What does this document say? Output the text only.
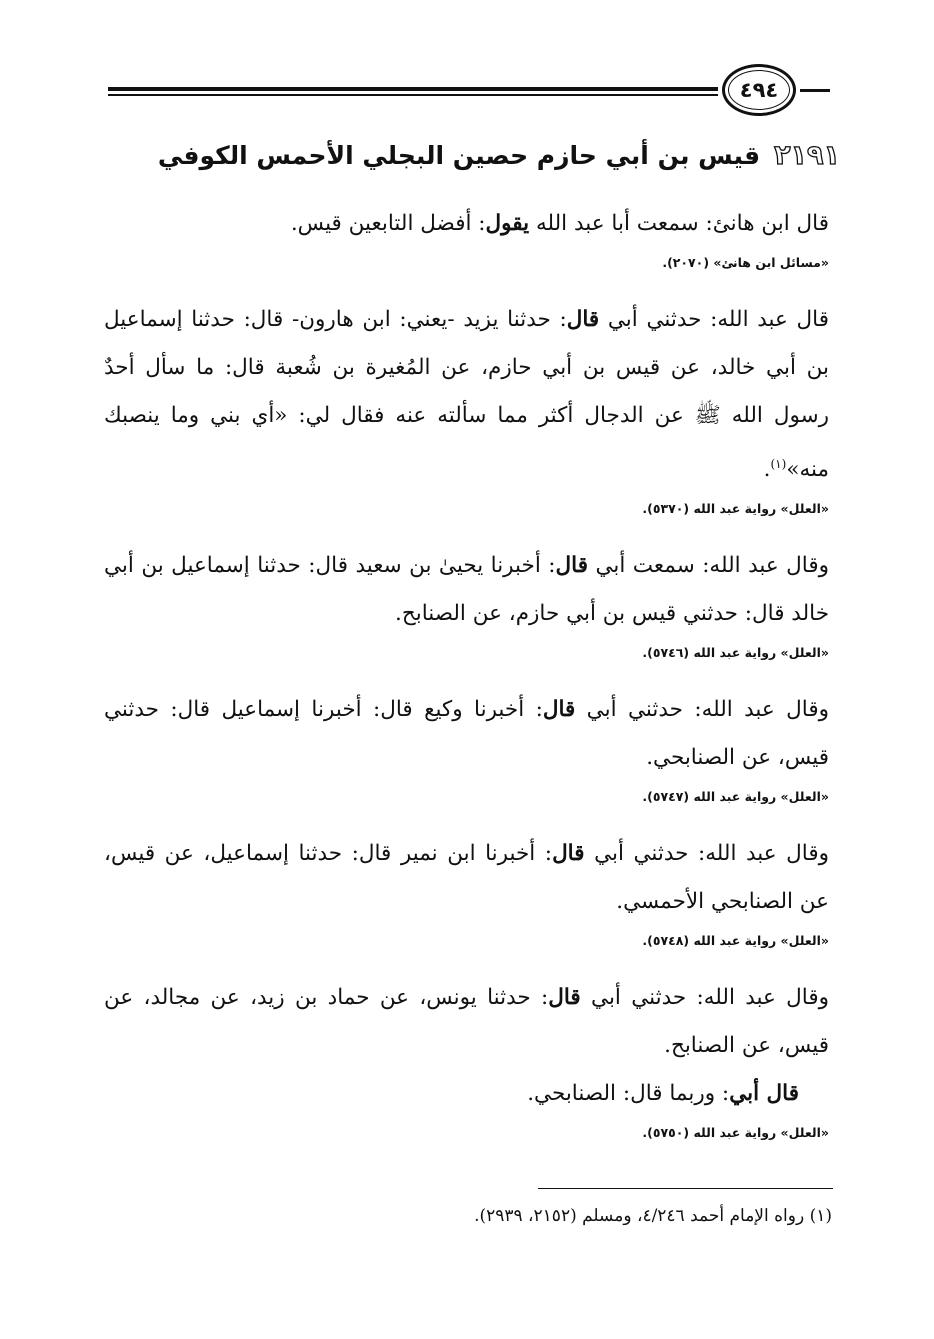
٤٩٤
٢١٩١
قيس بن أبي حازم حصين البجلي الأحمس الكوفي

قال ابن هانئ: سمعت أبا عبد الله يقول: أفضل التابعين قيس.

«مسائل ابن هانئ» (٢٠٧٠).

قال عبد الله: حدثني أبي قال: حدثنا يزيد -يعني: ابن هارون- قال: حدثنا إسماعيل بن أبي خالد، عن قيس بن أبي حازم، عن المُغيرة بن شُعبة قال: ما سأل أحدٌ رسول الله ﷺ عن الدجال أكثر مما سألته عنه فقال لي: «أي بني وما ينصبك منه»$^{(١)}$.

«العلل» رواية عبد الله (٥٣٧٠).

وقال عبد الله: سمعت أبي قال: أخبرنا يحيىٰ بن سعيد قال: حدثنا إسماعيل بن أبي خالد قال: حدثني قيس بن أبي حازم، عن الصنابح.

«العلل» رواية عبد الله (٥٧٤٦).

وقال عبد الله: حدثني أبي قال: أخبرنا وكيع قال: أخبرنا إسماعيل قال: حدثني قيس، عن الصنابحي.

«العلل» رواية عبد الله (٥٧٤٧).

وقال عبد الله: حدثني أبي قال: أخبرنا ابن نمير قال: حدثنا إسماعيل، عن قيس، عن الصنابحي الأحمسي.

«العلل» رواية عبد الله (٥٧٤٨).

وقال عبد الله: حدثني أبي قال: حدثنا يونس، عن حماد بن زيد، عن مجالد، عن قيس، عن الصنابح.

قال أبي: وربما قال: الصنابحي.

«العلل» رواية عبد الله (٥٧٥٠).
(١) رواه الإمام أحمد ٤/٢٤٦، ومسلم (٢١٥٢، ٢٩٣٩).
